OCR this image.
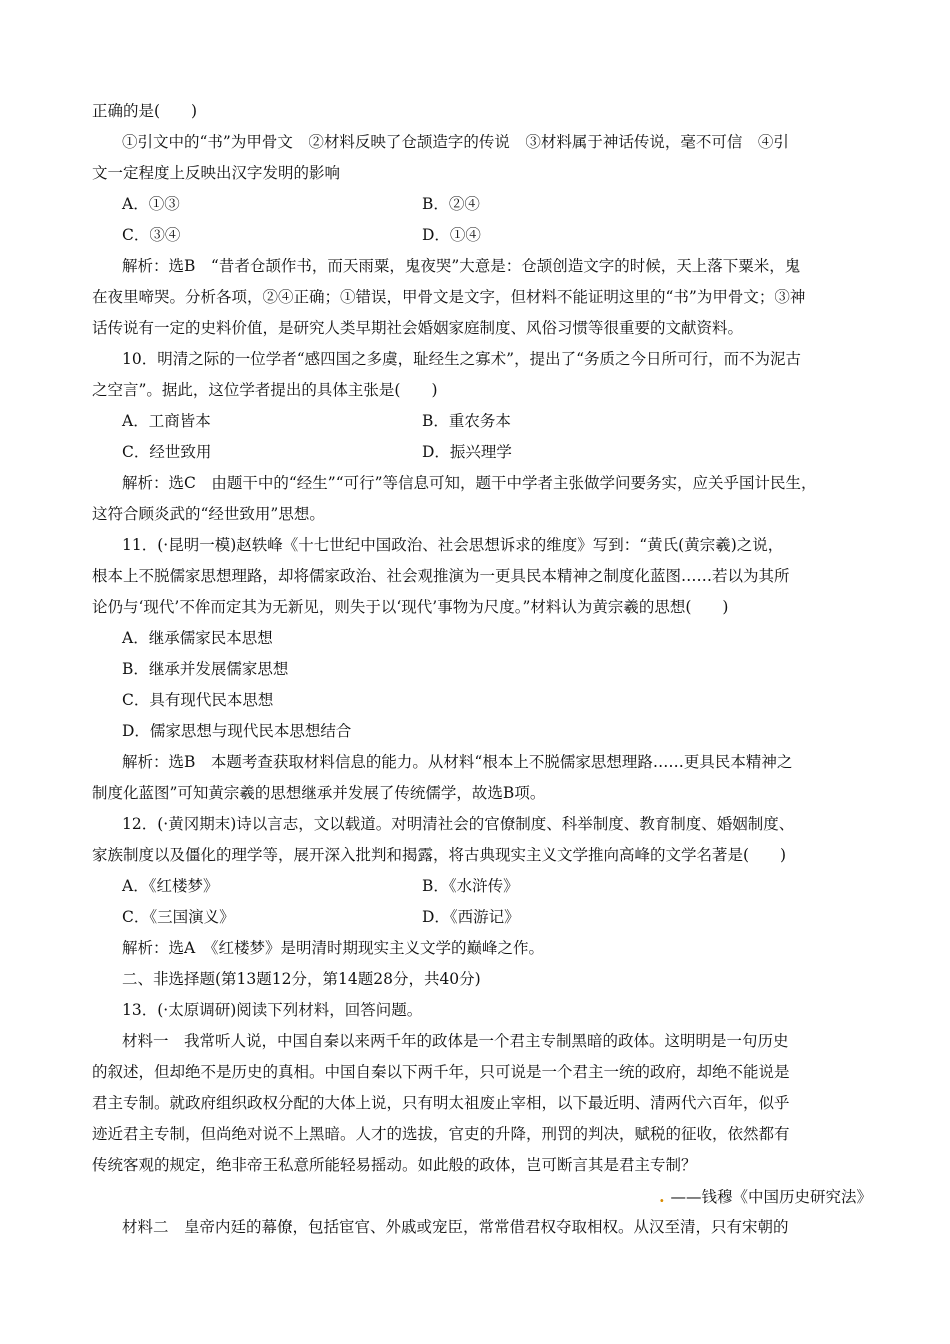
正确的是(　　)
①引文中的“书”为甲骨文　②材料反映了仓颉造字的传说　③材料属于神话传说，毫不可信　④引
文一定程度上反映出汉字发明的影响
A．①③	B．②④
C．③④	D．①④
解析：选B　“昔者仓颉作书，而天雨粟，鬼夜哭”大意是：仓颉创造文字的时候，天上落下粟米，鬼
在夜里啼哭。分析各项，②④正确；①错误，甲骨文是文字，但材料不能证明这里的“书”为甲骨文；③神
话传说有一定的史料价值，是研究人类早期社会婚姻家庭制度、风俗习惯等很重要的文献资料。
10．明清之际的一位学者“感四国之多虞，耻经生之寡术”，提出了“务质之今日所可行，而不为泥古
之空言”。据此，这位学者提出的具体主张是(　　)
A．工商皆本	B．重农务本
C．经世致用	D．振兴理学
解析：选C　由题干中的“经生”“可行”等信息可知，题干中学者主张做学问要务实，应关乎国计民生，
这符合顾炎武的“经世致用”思想。
11．(·昆明一模)赵轶峰《十七世纪中国政治、社会思想诉求的维度》写到：“黄氏(黄宗羲)之说，
根本上不脱儒家思想理路，却将儒家政治、社会观推演为一更具民本精神之制度化蓝图……若以为其所
论仍与‘现代’不侔而定其为无新见，则失于以‘现代’事物为尺度。”材料认为黄宗羲的思想(　　)
A．继承儒家民本思想
B．继承并发展儒家思想
C．具有现代民本思想
D．儒家思想与现代民本思想结合
解析：选B　本题考查获取材料信息的能力。从材料“根本上不脱儒家思想理路……更具民本精神之
制度化蓝图”可知黄宗羲的思想继承并发展了传统儒学，故选B项。
12．(·黄冈期末)诗以言志，文以载道。对明清社会的官僚制度、科举制度、教育制度、婚姻制度、
家族制度以及僵化的理学等，展开深入批判和揭露，将古典现实主义文学推向高峰的文学名著是(　　)
A．《红楼梦》	B．《水浒传》
C．《三国演义》	D．《西游记》
解析：选A　《红楼梦》是明清时期现实主义文学的巅峰之作。
二、非选择题(第13题12分，第14题28分，共40分)
13．(·太原调研)阅读下列材料，回答问题。
材料一　我常听人说，中国自秦以来两千年的政体是一个君主专制黑暗的政体。这明明是一句历史
的叙述，但却绝不是历史的真相。中国自秦以下两千年，只可说是一个君主一统的政府，却绝不能说是
君主专制。就政府组织政权分配的大体上说，只有明太祖废止宰相，以下最近明、清两代六百年，似乎
迹近君主专制，但尚绝对说不上黑暗。人才的选拔，官吏的升降，刑罚的判决，赋税的征收，依然都有
传统客观的规定，绝非帝王私意所能轻易摇动。如此般的政体，岂可断言其是君主专制？
. ——钱穆《中国历史研究法》
材料二　皇帝内廷的幕僚，包括宦官、外戚或宠臣，常常借君权夺取相权。从汉至清，只有宋朝的
